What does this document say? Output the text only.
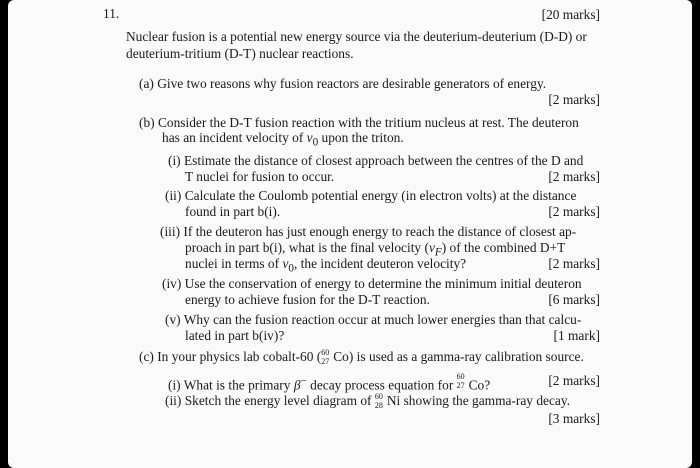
11.	[20 marks]
Nuclear fusion is a potential new energy source via the deuterium-deuterium (D-D) or
deuterium-tritium (D-T) nuclear reactions.
(a) Give two reasons why fusion reactors are desirable generators of energy.
[2 marks]
(b) Consider the D-T fusion reaction with the tritium nucleus at rest. The deuteron
has an incident velocity of $v_0$ upon the triton.
(i) Estimate the distance of closest approach between the centres of the D and
T nuclei for fusion to occur.	[2 marks]
(ii) Calculate the Coulomb potential energy (in electron volts) at the distance
found in part b(i).	[2 marks]
(iii) If the deuteron has just enough energy to reach the distance of closest ap-
proach in part b(i), what is the final velocity $(v_F)$ of the combined D+T
nuclei in terms of $v_0$, the incident deuteron velocity?	[2 marks]
(iv) Use the conservation of energy to determine the minimum initial deuteron
energy to achieve fusion for the D-T reaction.	[6 marks]
(v) Why can the fusion reaction occur at much lower energies than that calcu-
lated in part b(iv)?	[1 mark]
(c) In your physics lab cobalt-60 ( 60
27 Co) is used as a gamma-ray calibration source.
(i) What is the primary β− decay process equation for
60
27 Co?	[2 marks]
(ii) Sketch the energy level diagram of 60
28 Ni showing the gamma-ray decay.
[3 marks]
